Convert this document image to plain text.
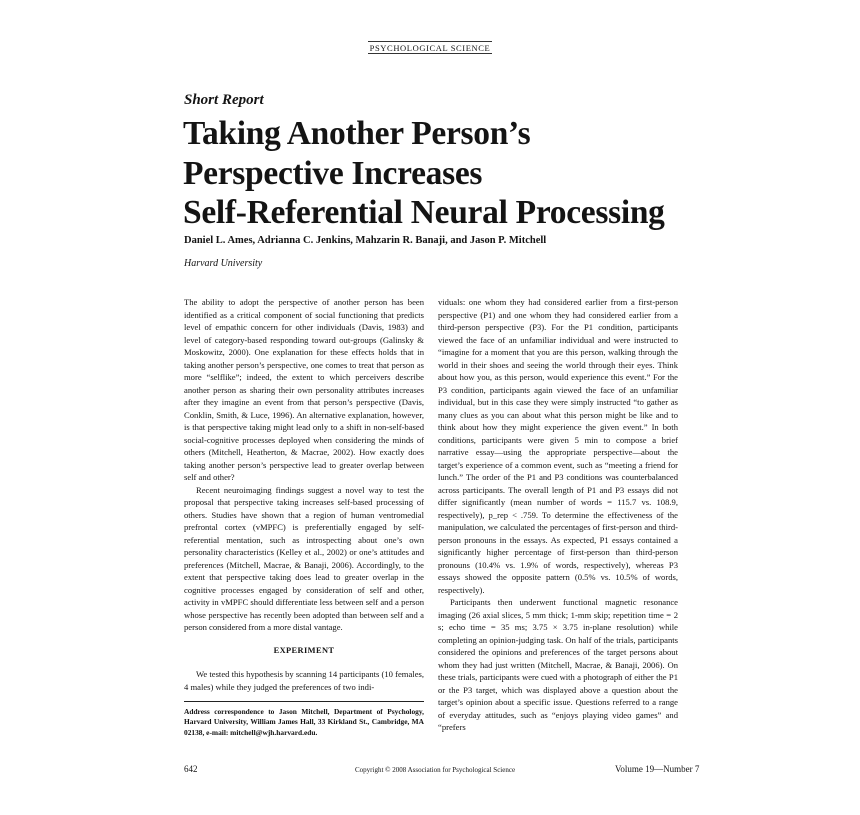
PSYCHOLOGICAL SCIENCE
Short Report
Taking Another Person’s
Perspective Increases
Self-Referential Neural Processing
Daniel L. Ames, Adrianna C. Jenkins, Mahzarin R. Banaji, and Jason P. Mitchell
Harvard University

The ability to adopt the perspective of another person has been identified as a critical component of social functioning that predicts level of empathic concern for other individuals (Davis, 1983) and level of category-based responding toward out-groups (Galinsky & Moskowitz, 2000). One explanation for these effects holds that in taking another person’s perspective, one comes to treat that person as more “selflike”; indeed, the extent to which perceivers describe another person as sharing their own personality attributes increases after they imagine an event from that person’s perspective (Davis, Conklin, Smith, & Luce, 1996). An alternative explanation, however, is that perspective taking might lead only to a shift in non-self-based social-cognitive processes deployed when considering the minds of others (Mitchell, Heatherton, & Macrae, 2002). How exactly does taking another person’s perspective lead to greater overlap between self and other?

Recent neuroimaging findings suggest a novel way to test the proposal that perspective taking increases self-based processing of others. Studies have shown that a region of human ventromedial prefrontal cortex (vMPFC) is preferentially engaged by self-referential mentation, such as introspecting about one’s own personality characteristics (Kelley et al., 2002) or one’s attitudes and preferences (Mitchell, Macrae, & Banaji, 2006). Accordingly, to the extent that perspective taking does lead to greater overlap in the cognitive processes engaged by consideration of self and other, activity in vMPFC should differentiate less between self and a person whose perspective has recently been adopted than between self and a person considered from a more distal vantage.

EXPERIMENT

We tested this hypothesis by scanning 14 participants (10 females, 4 males) while they judged the preferences of two indi-

viduals: one whom they had considered earlier from a first-person perspective (P1) and one whom they had considered earlier from a third-person perspective (P3). For the P1 condition, participants viewed the face of an unfamiliar individual and were instructed to “imagine for a moment that you are this person, walking through the world in their shoes and seeing the world through their eyes. Think about how you, as this person, would experience this event.” For the P3 condition, participants again viewed the face of an unfamiliar individual, but in this case they were simply instructed “to gather as many clues as you can about what this person might be like and to think about how they might experience the given event.” In both conditions, participants were given 5 min to compose a brief narrative essay—using the appropriate perspective—about the target’s experience of a common event, such as “meeting a friend for lunch.” The order of the P1 and P3 conditions was counterbalanced across participants. The overall length of P1 and P3 essays did not differ significantly (mean number of words = 115.7 vs. 108.9, respectively), p_rep < .759. To determine the effectiveness of the manipulation, we calculated the percentages of first-person and third-person pronouns in the essays. As expected, P1 essays contained a significantly higher percentage of first-person than third-person pronouns (10.4% vs. 1.9% of words, respectively), whereas P3 essays showed the opposite pattern (0.5% vs. 10.5% of words, respectively).

Participants then underwent functional magnetic resonance imaging (26 axial slices, 5 mm thick; 1-mm skip; repetition time = 2 s; echo time = 35 ms; 3.75 × 3.75 in-plane resolution) while completing an opinion-judging task. On half of the trials, participants considered the opinions and preferences of the target persons about whom they had just written (Mitchell, Macrae, & Banaji, 2006). On these trials, participants were cued with a photograph of either the P1 or the P3 target, which was displayed above a question about the target’s opinion about a specific issue. Questions referred to a range of everyday attitudes, such as “enjoys playing video games” and “prefers

Address correspondence to Jason Mitchell, Department of Psychology, Harvard University, William James Hall, 33 Kirkland St., Cambridge, MA 02138, e-mail: mitchell@wjh.harvard.edu.
642	Copyright © 2008 Association for Psychological Science	Volume 19—Number 7
